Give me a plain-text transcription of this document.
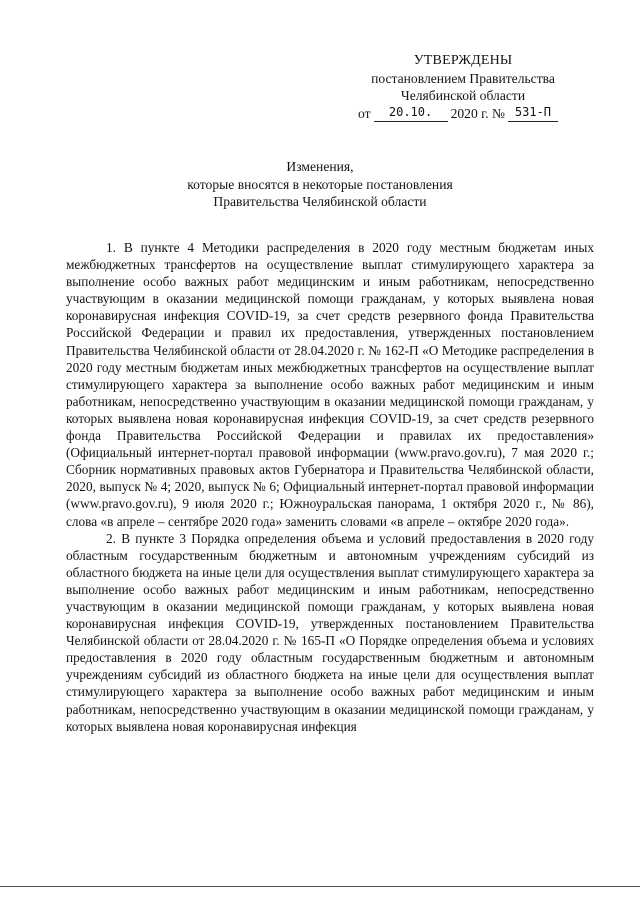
УТВЕРЖДЕНЫ
постановлением Правительства
Челябинской области
от	20.10.	2020 г. № 531-П
Изменения,
которые вносятся в некоторые постановления
Правительства Челябинской области

1. В пункте 4 Методики распределения в 2020 году местным бюджетам иных межбюджетных трансфертов на осуществление выплат стимулирующего характера за выполнение особо важных работ медицинским и иным работникам, непосредственно участвующим в оказании медицинской помощи гражданам, у которых выявлена новая коронавирусная инфекция COVID-19, за счет средств резервного фонда Правительства Российской Федерации и правил их предоставления, утвержденных постановлением Правительства Челябинской области от 28.04.2020 г. № 162-П «О Методике распределения в 2020 году местным бюджетам иных межбюджетных трансфертов на осуществление выплат стимулирующего характера за выполнение особо важных работ медицинским и иным работникам, непосредственно участвующим в оказании медицинской помощи гражданам, у которых выявлена новая коронавирусная инфекция COVID-19, за счет средств резервного фонда Правительства Российской Федерации и правилах их предоставления» (Официальный интернет-портал правовой информации (www.pravo.gov.ru), 7 мая 2020 г.; Сборник нормативных правовых актов Губернатора и Правительства Челябинской области, 2020, выпуск № 4; 2020, выпуск № 6; Официальный интернет-портал правовой информации (www.pravo.gov.ru), 9 июля 2020 г.; Южноуральская панорама, 1 октября 2020 г., № 86), слова «в апреле – сентябре 2020 года» заменить словами «в апреле – октябре 2020 года».

2. В пункте 3 Порядка определения объема и условий предоставления в 2020 году областным государственным бюджетным и автономным учреждениям субсидий из областного бюджета на иные цели для осуществления выплат стимулирующего характера за выполнение особо важных работ медицинским и иным работникам, непосредственно участвующим в оказании медицинской помощи гражданам, у которых выявлена новая коронавирусная инфекция COVID-19, утвержденных постановлением Правительства Челябинской области от 28.04.2020 г. № 165-П «О Порядке определения объема и условиях предоставления в 2020 году областным государственным бюджетным и автономным учреждениям субсидий из областного бюджета на иные цели для осуществления выплат стимулирующего характера за выполнение особо важных работ медицинским и иным работникам, непосредственно участвующим в оказании медицинской помощи гражданам, у которых выявлена новая коронавирусная инфекция
